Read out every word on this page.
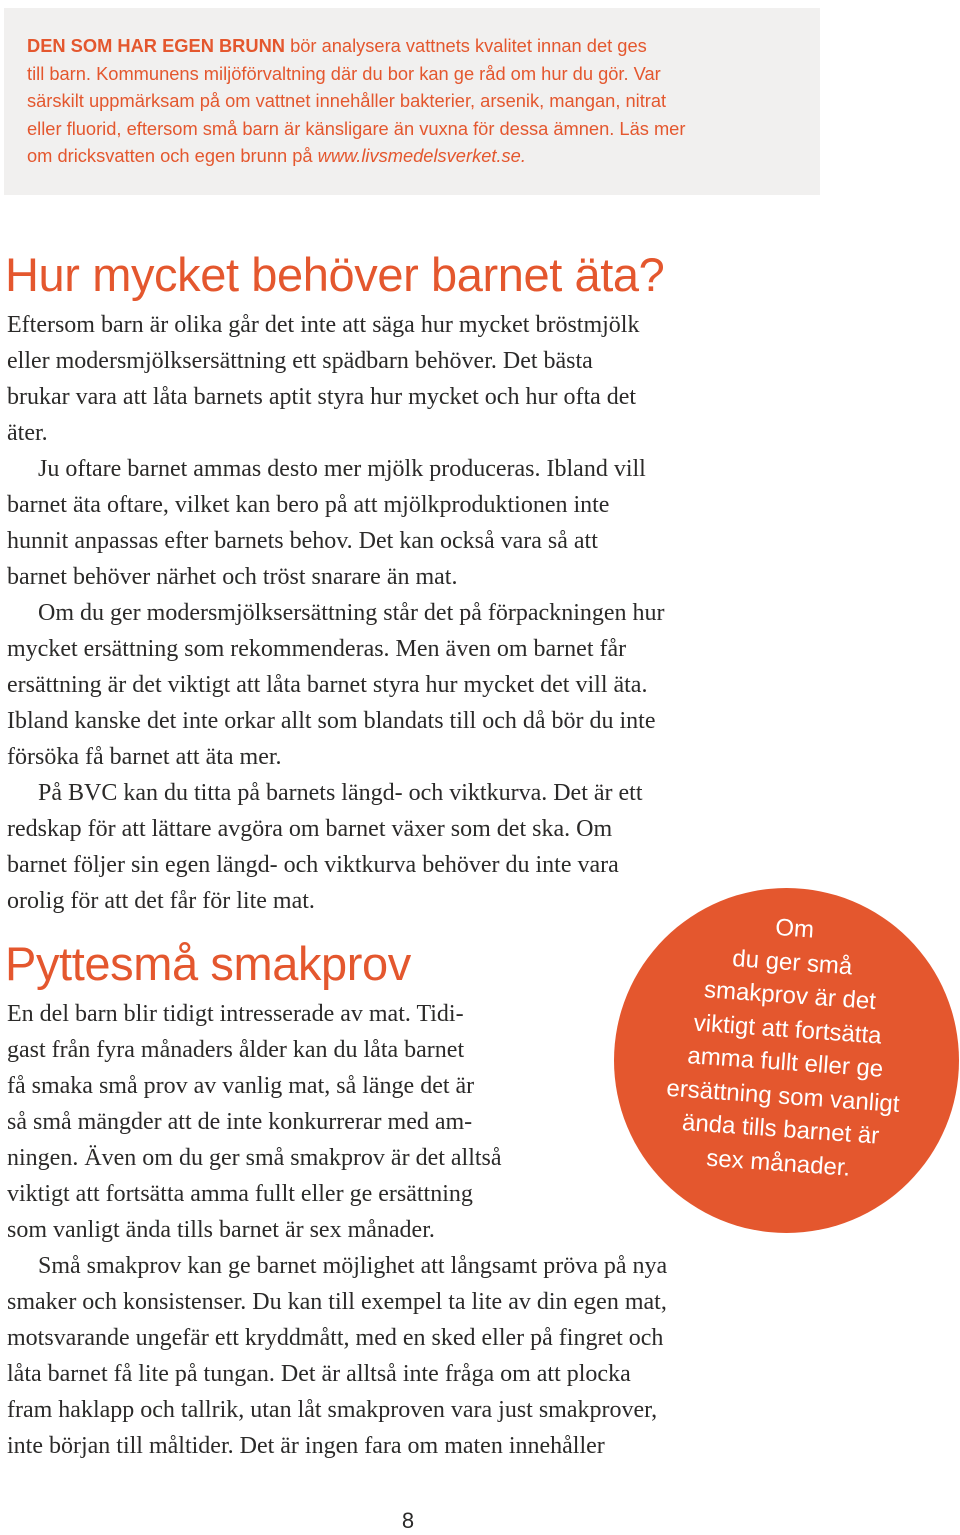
DEN SOM HAR EGEN BRUNN bör analysera vattnets kvalitet innan det ges
till barn. Kommunens miljöförvaltning där du bor kan ge råd om hur du gör. Var
särskilt uppmärksam på om vattnet innehåller bakterier, arsenik, mangan, nitrat
eller fluorid, eftersom små barn är känsligare än vuxna för dessa ämnen. Läs mer
om dricksvatten och egen brunn på www.livsmedelsverket.se.

Hur mycket behöver barnet äta?
Eftersom barn är olika går det inte att säga hur mycket bröstmjölk
eller modersmjölksersättning ett spädbarn behöver. Det bästa
brukar vara att låta barnets aptit styra hur mycket och hur ofta det
äter.
Ju oftare barnet ammas desto mer mjölk produceras. Ibland vill
barnet äta oftare, vilket kan bero på att mjölkproduktionen inte
hunnit anpassas efter barnets behov. Det kan också vara så att
barnet behöver närhet och tröst snarare än mat.
Om du ger modersmjölksersättning står det på förpackningen hur
mycket ersättning som rekommenderas. Men även om barnet får
ersättning är det viktigt att låta barnet styra hur mycket det vill äta.
Ibland kanske det inte orkar allt som blandats till och då bör du inte
försöka få barnet att äta mer.
På BVC kan du titta på barnets längd- och viktkurva. Det är ett
redskap för att lättare avgöra om barnet växer som det ska. Om
barnet följer sin egen längd- och viktkurva behöver du inte vara
orolig för att det får för lite mat.
Pyttesmå smakprov

Om
du ger små
smakprov är det
viktigt att fortsätta
amma fullt eller ge
ersättning som vanligt
ända tills barnet är
sex månader.

En del barn blir tidigt intresserade av mat. Tidi-
gast från fyra månaders ålder kan du låta barnet
få smaka små prov av vanlig mat, så länge det är
så små mängder att de inte konkurrerar med am-
ningen. Även om du ger små smakprov är det alltså
viktigt att fortsätta amma fullt eller ge ersättning
som vanligt ända tills barnet är sex månader.
Små smakprov kan ge barnet möjlighet att långsamt pröva på nya
smaker och konsistenser. Du kan till exempel ta lite av din egen mat,
motsvarande ungefär ett kryddmått, med en sked eller på fingret och
låta barnet få lite på tungan. Det är alltså inte fråga om att plocka
fram haklapp och tallrik, utan låt smakproven vara just smakprover,
inte början till måltider. Det är ingen fara om maten innehåller
8
